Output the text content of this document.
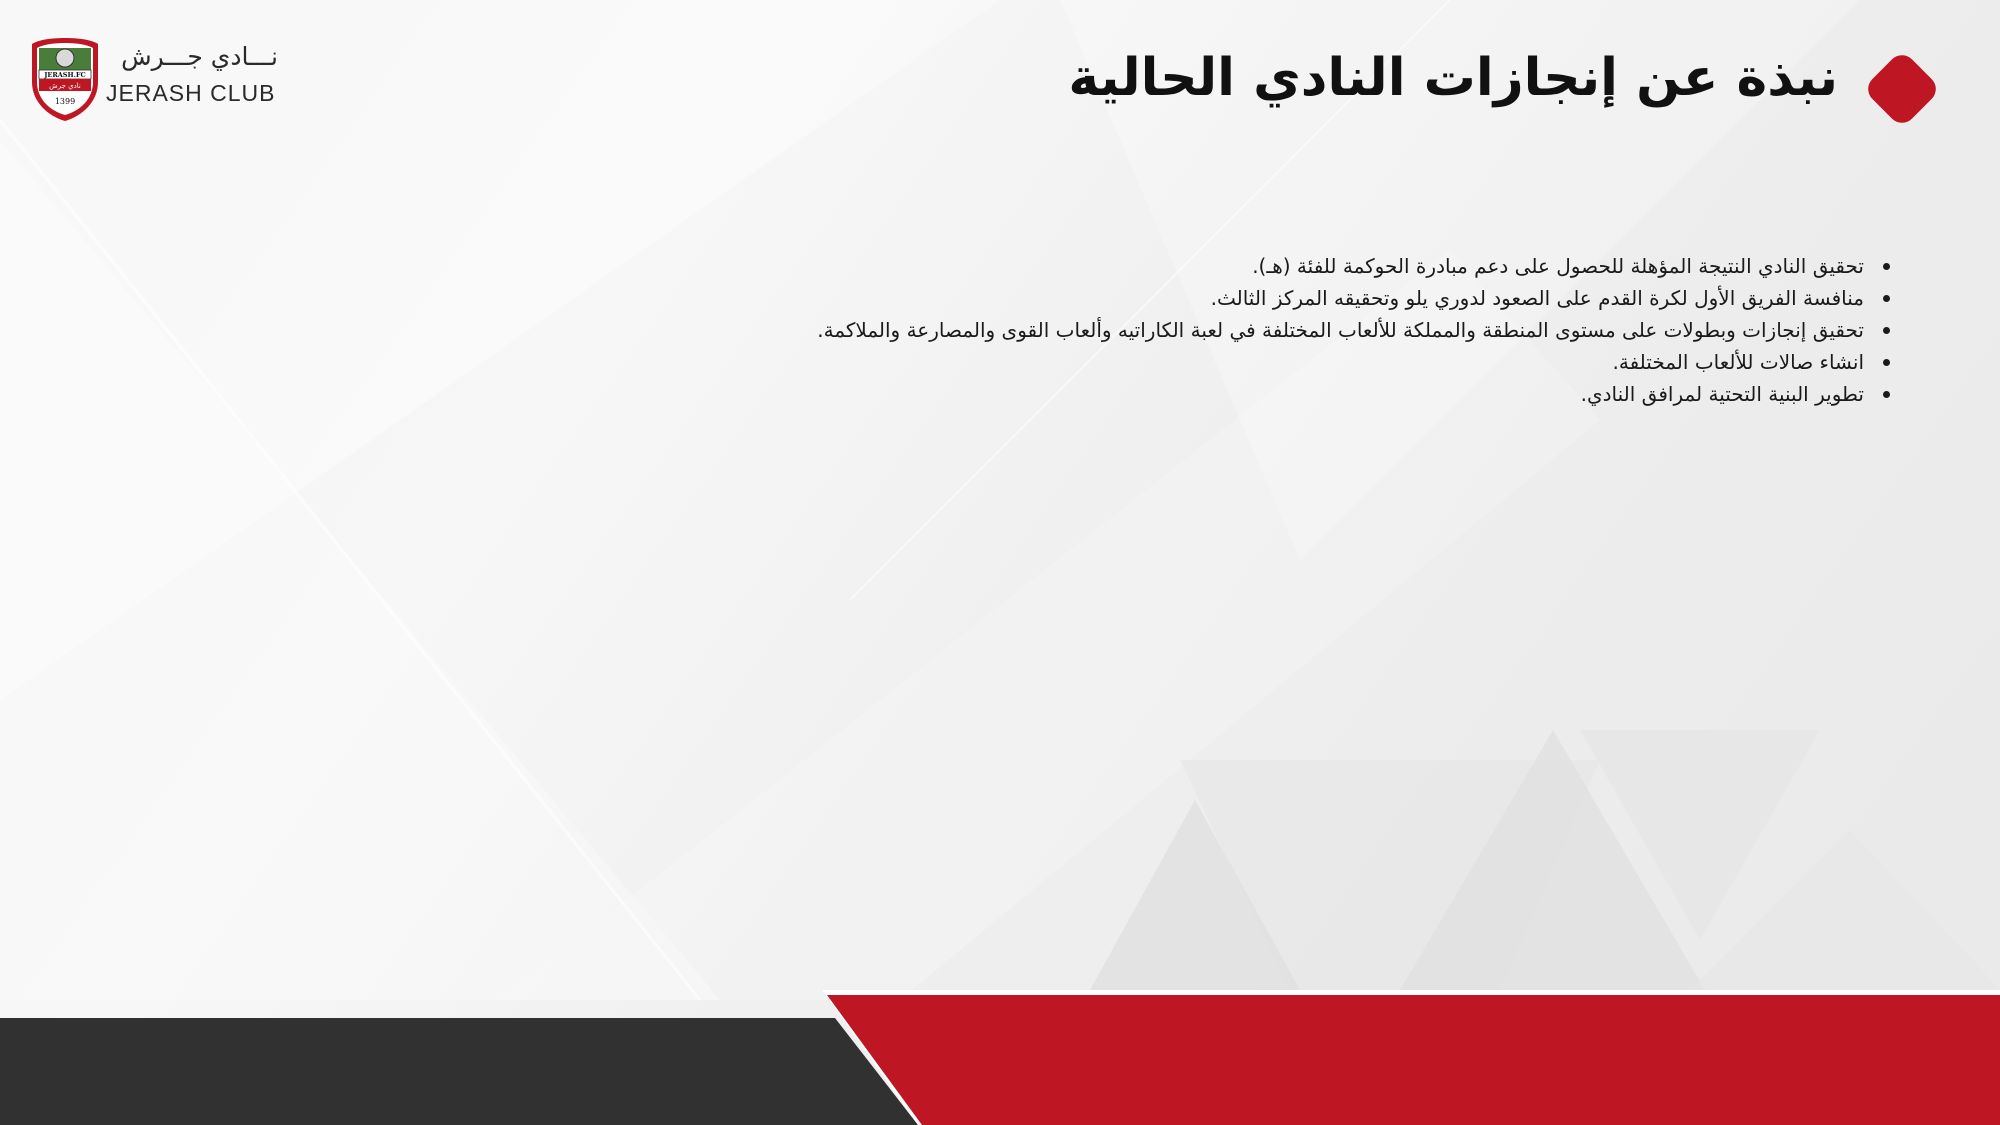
JERASH.FC
نادي جرش
1399
نـــادي جـــرش
JERASH CLUB	نبذة عن إنجازات النادي الحالية
تحقيق النادي النتيجة المؤهلة للحصول على دعم مبادرة الحوكمة للفئة (هـ).
منافسة الفريق الأول لكرة القدم على الصعود لدوري يلو وتحقيقه المركز الثالث.
تحقيق إنجازات وبطولات على مستوى المنطقة والمملكة للألعاب المختلفة في لعبة الكاراتيه وألعاب القوى والمصارعة والملاكمة.
انشاء صالات للألعاب المختلفة.
تطوير البنية التحتية لمرافق النادي.
